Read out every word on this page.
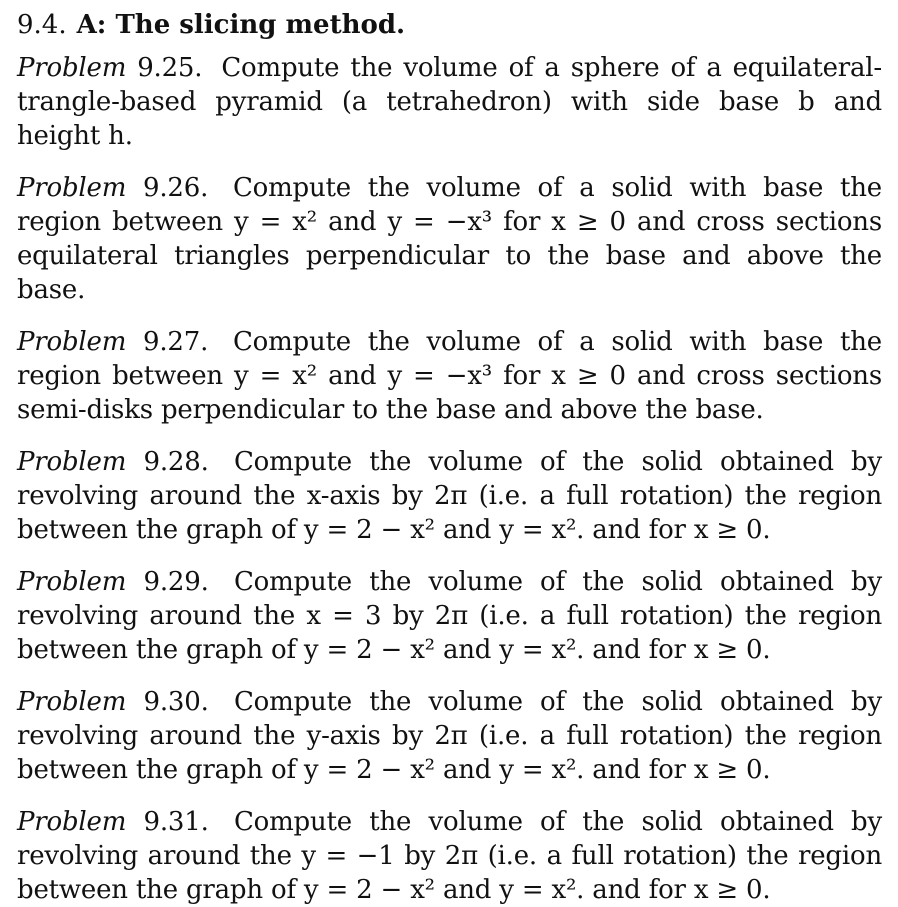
9.4. A: The slicing method.
Problem 9.25. Compute the volume of a sphere of a equilateral-trangle-based pyramid (a tetrahedron) with side base b and height h.
Problem 9.26. Compute the volume of a solid with base the region between y = x² and y = −x³ for x ≥ 0 and cross sections equilateral triangles perpendicular to the base and above the base.
Problem 9.27. Compute the volume of a solid with base the region between y = x² and y = −x³ for x ≥ 0 and cross sections semi-disks perpendicular to the base and above the base.
Problem 9.28. Compute the volume of the solid obtained by revolving around the x-axis by 2π (i.e. a full rotation) the region between the graph of y = 2 − x² and y = x². and for x ≥ 0.
Problem 9.29. Compute the volume of the solid obtained by revolving around the x = 3 by 2π (i.e. a full rotation) the region between the graph of y = 2 − x² and y = x². and for x ≥ 0.
Problem 9.30. Compute the volume of the solid obtained by revolving around the y-axis by 2π (i.e. a full rotation) the region between the graph of y = 2 − x² and y = x². and for x ≥ 0.
Problem 9.31. Compute the volume of the solid obtained by revolving around the y = −1 by 2π (i.e. a full rotation) the region between the graph of y = 2 − x² and y = x². and for x ≥ 0.
